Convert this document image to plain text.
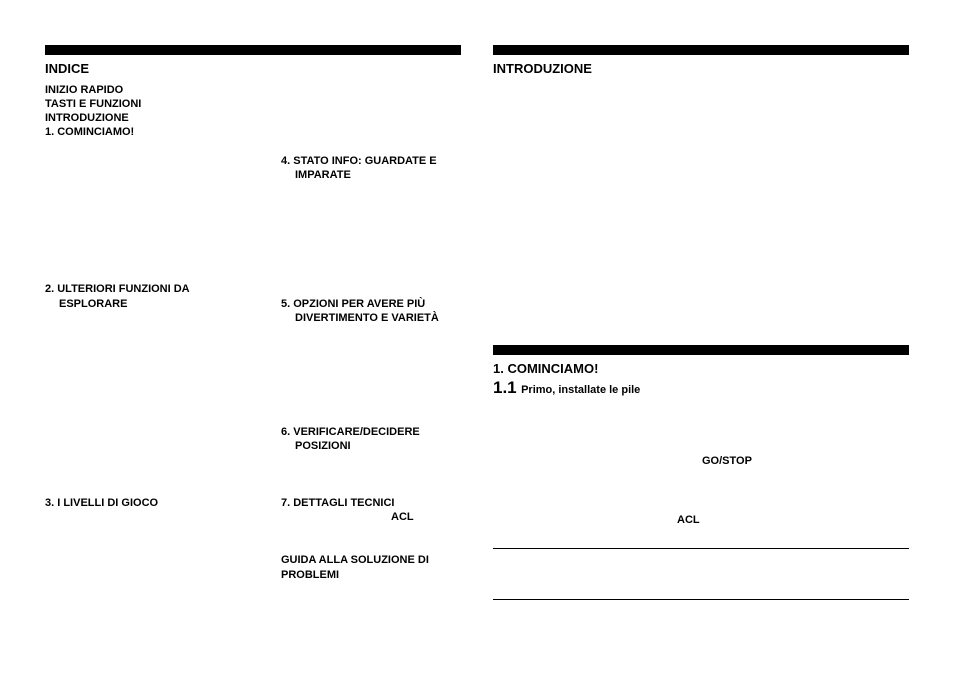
INDICE
INIZIO RAPIDO
TASTI E FUNZIONI
INTRODUZIONE
1. COMINCIAMO!
2. ULTERIORI FUNZIONI DA
ESPLORARE
3. I LIVELLI DI GIOCO
4. STATO INFO: GUARDATE E
IMPARATE
5. OPZIONI PER AVERE PIÙ
DIVERTIMENTO E VARIETÀ
6. VERIFICARE/DECIDERE
POSIZIONI
7. DETTAGLI TECNICI
ACL
GUIDA ALLA SOLUZIONE DI
PROBLEMI
INTRODUZIONE
1. COMINCIAMO!
1.1 Primo, installate le pile
GO/STOP
ACL
